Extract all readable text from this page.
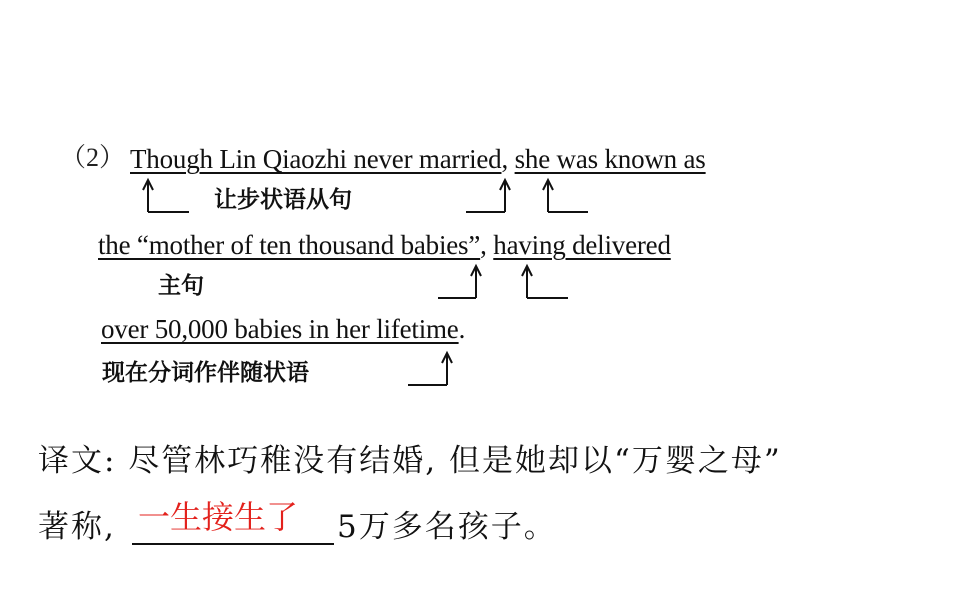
（2） Though Lin Qiaozhi never married, she was known as
让步状语从句
the “mother of ten thousand babies”, having delivered
主句
over 50,000 babies in her lifetime.
现在分词作伴随状语
译文: 尽管林巧稚没有结婚, 但是她却以“万婴之母”
著称, 一生接生了 5万多名孩子。
